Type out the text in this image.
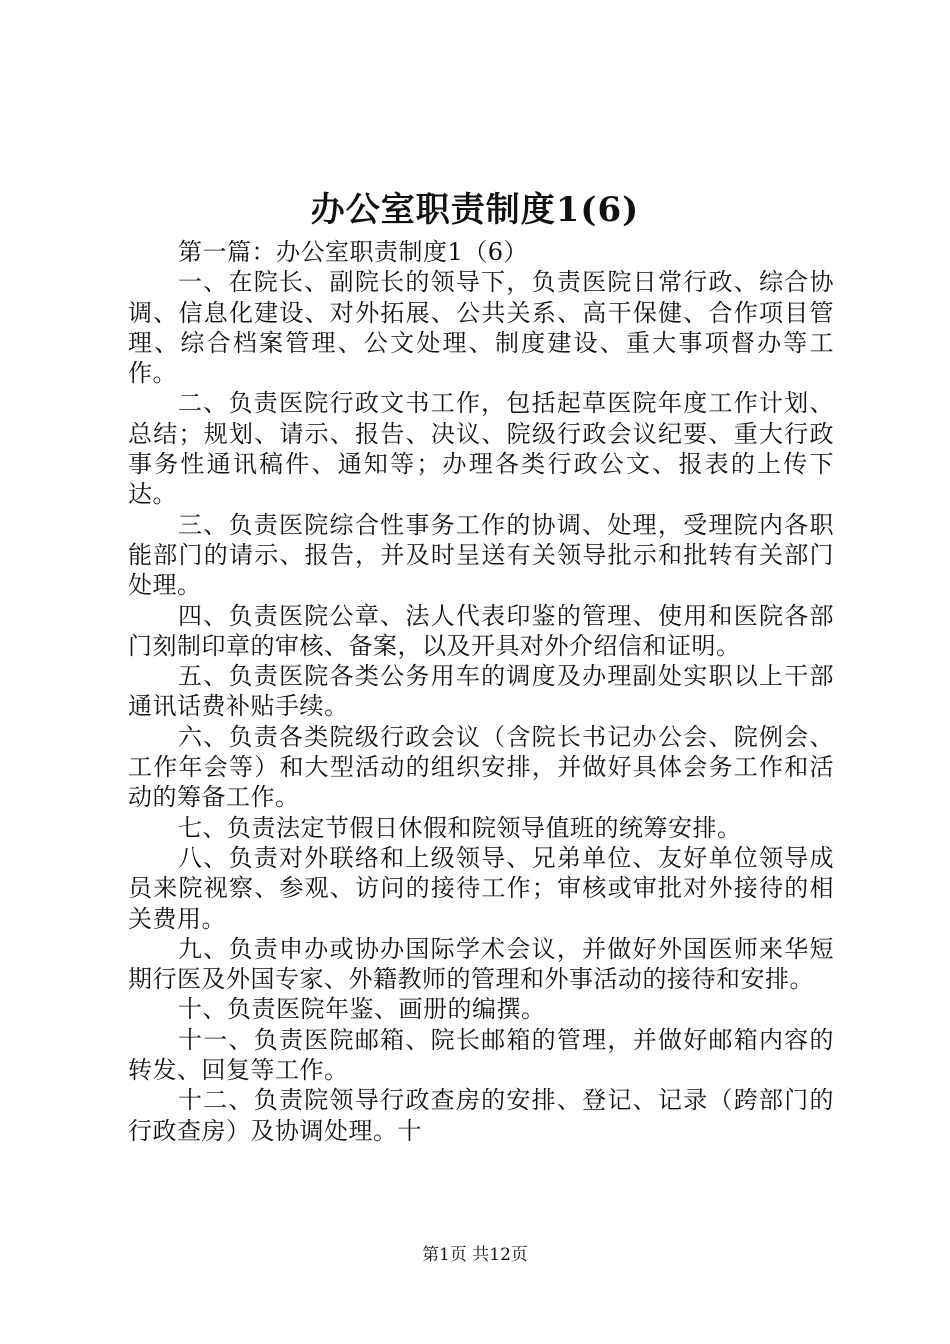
办公室职责制度1(6)

第一篇：办公室职责制度1（6）

一、在院长、副院长的领导下，负责医院日常行政、综合协调、信息化建设、对外拓展、公共关系、高干保健、合作项目管理、综合档案管理、公文处理、制度建设、重大事项督办等工作。

二、负责医院行政文书工作，包括起草医院年度工作计划、总结；规划、请示、报告、决议、院级行政会议纪要、重大行政事务性通讯稿件、通知等；办理各类行政公文、报表的上传下达。

三、负责医院综合性事务工作的协调、处理，受理院内各职能部门的请示、报告，并及时呈送有关领导批示和批转有关部门处理。

四、负责医院公章、法人代表印鉴的管理、使用和医院各部门刻制印章的审核、备案，以及开具对外介绍信和证明。

五、负责医院各类公务用车的调度及办理副处实职以上干部通讯话费补贴手续。

六、负责各类院级行政会议（含院长书记办公会、院例会、工作年会等）和大型活动的组织安排，并做好具体会务工作和活动的筹备工作。

七、负责法定节假日休假和院领导值班的统筹安排。

八、负责对外联络和上级领导、兄弟单位、友好单位领导成员来院视察、参观、访问的接待工作；审核或审批对外接待的相关费用。

九、负责申办或协办国际学术会议，并做好外国医师来华短期行医及外国专家、外籍教师的管理和外事活动的接待和安排。

十、负责医院年鉴、画册的编撰。

十一、负责医院邮箱、院长邮箱的管理，并做好邮箱内容的转发、回复等工作。

十二、负责院领导行政查房的安排、登记、记录（跨部门的行政查房）及协调处理。十

第1页 共12页
